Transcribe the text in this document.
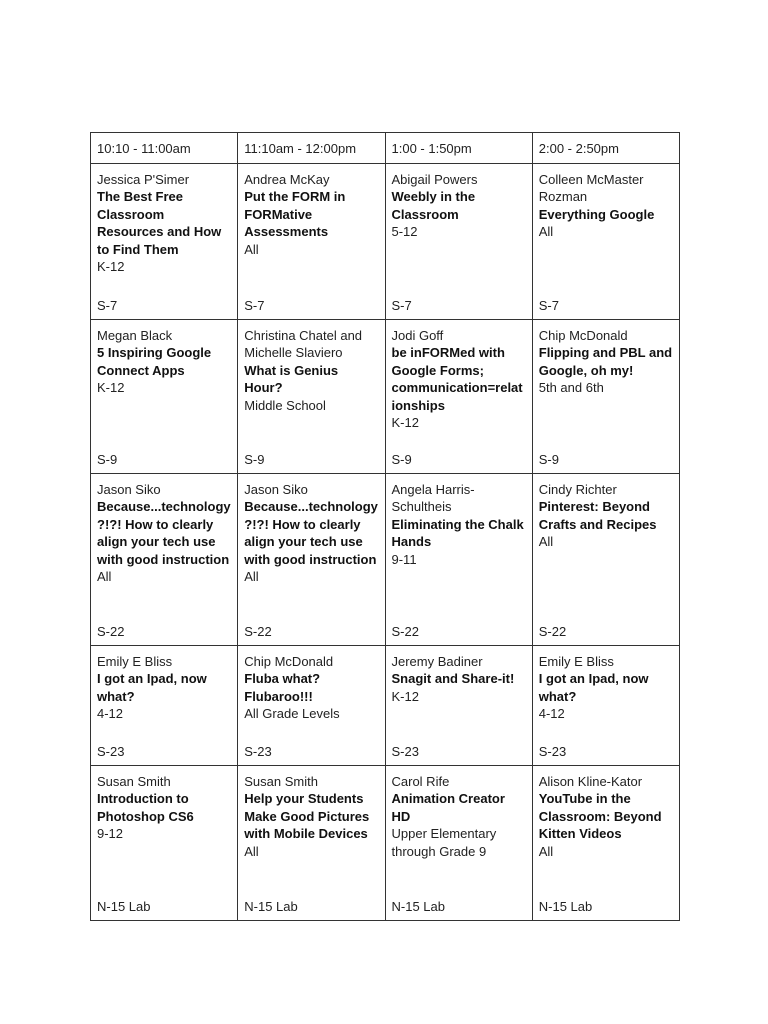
10:10 - 11:00am	11:10am - 12:00pm	1:00 - 1:50pm	2:00 - 2:50pm

Jessica P'Simer
The Best Free Classroom Resources and How to Find Them
K-12
S-7	Andrea McKay
Put the FORM in FORMative Assessments
All
S-7	Abigail Powers
Weebly in the Classroom
5-12
S-7	Colleen McMaster Rozman
Everything Google
All
S-7

Megan Black
5 Inspiring Google Connect Apps
K-12
S-9	Christina Chatel and Michelle Slaviero
What is Genius Hour?
Middle School
S-9	Jodi Goff
be inFORMed with Google Forms; communication=relationships
K-12
S-9	Chip McDonald
Flipping and PBL and Google, oh my!
5th and 6th
S-9

Jason Siko
Because...technology?!?! How to clearly align your tech use with good instruction
All
S-22	Jason Siko
Because...technology?!?! How to clearly align your tech use with good instruction
All
S-22	Angela Harris-Schultheis
Eliminating the Chalk Hands
9-11
S-22	Cindy Richter
Pinterest: Beyond Crafts and Recipes
All
S-22

Emily E Bliss
I got an Ipad, now what?
4-12
S-23	Chip McDonald
Fluba what? Flubaroo!!!
All Grade Levels
S-23	Jeremy Badiner
Snagit and Share-it!
K-12
S-23	Emily E Bliss
I got an Ipad, now what?
4-12
S-23

Susan Smith
Introduction to Photoshop CS6
9-12
N-15 Lab	Susan Smith
Help your Students Make Good Pictures with Mobile Devices
All
N-15 Lab	Carol Rife
Animation Creator HD
Upper Elementary through Grade 9
N-15 Lab	Alison Kline-Kator
YouTube in the Classroom: Beyond Kitten Videos
All
N-15 Lab
